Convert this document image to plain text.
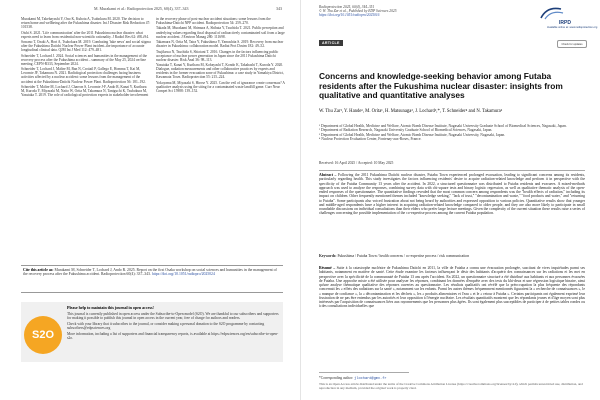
M. Murakami et al.: Radioprotection 2025, 60(4), 337–343	343

Murakami M, Takebayashi Y, Ono K, Kubota A, Tsubokura M. 2020. The decision to return home and wellbeing after the Fukushima disaster. Int J Disaster Risk Reduction 47: 101538.

Oishi S. 2021. 'Life communication' after the 2011 Fukushima nuclear disaster: what experts need to learn from residential non-scientific rationality. J Radiol Res 62: i88–i94.

Sawano T, Ozaki A, Hori A, Tsubokura M. 2019. Combating 'fake news' and social stigma after the Fukushima Daiichi Nuclear Power Plant incident–the importance of accurate longitudinal clinical data. QJM Int J Med 112: 479–481.

Schneider T, Lochard J. 2024. Social sciences and humanities in the management of the recovery process after the Fukushima accident – summary of the May 25, 2024 on-line meeting. CEPN-R333, September 2024.

Schneider T, Lochard J, Maître M, Ban N, Croüail P, Gallego E, Homma T, Kai M, Lecomte JF, Takamura N. 2021. Radiological protection challenges facing business activities affected by a nuclear accident: some lessons from the management of the accident at the Fukushima-Daiichi Nuclear Power Plant. Radioprotection 56: 181–192.

Schneider T, Maître M, Lochard J, Charron S, Lecomte J-F, Ando R, Kanai Y, Kurihara M, Kuroda Y, Miyazaki M, Naito W, Orita M, Takamura N, Taniguchi K, Tsubokura M, Yasutaka T. 2019. The role of radiological protection experts in stakeholder involvement

in the recovery phase of post-nuclear accident situations: some lessons from the Fukushima-Daiichi NPP accident. Radioprotection 54: 259–270.

Takada M, Murakami M, Shimura A, Shibata Y, Tsuchida T. 2021. Public perception and underlying values regarding final disposal of radioactively contaminated soil from a large nuclear accident. J Environ Manag 280: 111698.

Takamura N, Orita M, Taira Y, Fukushima Y, Yamashita S. 2019. Recovery from nuclear disaster in Fukushima: collaboration model. Radiat Prot Dosim 182: 49–52.

Tsujikawa N, Tsuchida S, Shiotani T. 2016. Changes in the factors influencing public acceptance of nuclear power generation in Japan since the 2011 Fukushima Daiichi nuclear disaster. Risk Anal 36: 98–113.

Yasutaka T, Kanai Y, Kurihara M, Kobayashi T, Kondo K, Takahashi T, Kuroda Y. 2020. Dialogue, radiation measurements and other collaborative practices by experts and residents in the former evacuation zone of Fukushima: a case study in Yamakiya District, Kawamata Town. Radioprotection 55: 215–224.

Yokoyama M, Miyazaki S, Hirose Y. 2025. Can the veil of ignorance create consensus? A qualitative analysis using the siting for a contaminated waste landfill game. Curr Neur Compet Sci 15988: 139–152.

Cite this article as: Murakami M, Schneider T, Lochard J, Ando R. 2025. Report on the first Osaka workshop on social sciences and humanities in the management of the recovery process after the Fukushima accident. Radioprotection 60(4): 337–343. https://doi.org/10.1051/radiopro/2025024
S2O
Please help to maintain this journal in open access!

This journal is currently published in open access under the Subscribe-to-Open model (S2O). We are thankful to our subscribers and supporters for making it possible to publish this journal in open access in the current year, free of charge for authors and readers.

Check with your library that it subscribes to the journal, or consider making a personal donation to the S2O programme by contacting subscribers@edpsciences.org

More information, including a list of supporters and financial transparency reports, is available at https://edpsciences.org/en/subscribe-to-open-s2o.

Radioprotection 2025, 60(4), 344–351
© W. Thu Zar et al., Published by EDP Sciences 2025
https://doi.org/10.1051/radiopro/2025016
IRPD
Available online at: www.radioprotection.org
ARTICLE	Check for updates
Concerns and knowledge-seeking behavior among Futaba residents after the Fukushima nuclear disaster: insights from qualitative and quantitative analyses
W. Thu Zar¹, Y. Hande¹, M. Orita¹, H. Matsunaga², J. Lochard³,*, T. Schneider⁴ and N. Takamura²
¹ Department of Global Health, Medicine and Welfare, Atomic Bomb Disease Institute, Nagasaki University Graduate School of Biomedical Sciences, Nagasaki, Japan.
² Department of Radiation Research, Nagasaki University Graduate School of Biomedical Sciences, Nagasaki, Japan.
³ Department of Global Health, Medicine and Welfare, Atomic Bomb Disease Institute, Nagasaki University, Nagasaki, Japan.
⁴ Nuclear Protection Evaluation Center, Fontenay-aux-Roses, France.
Received: 16 April 2025 / Accepted: 10 May 2025
Abstract – Following the 2011 Fukushima Daiichi nuclear disaster, Futaba Town experienced prolonged evacuation, leading to significant concerns among its residents, particularly regarding health. This study investigates the factors influencing residents' desire to acquire radiation-related knowledge and perform it in perspective with the specificity of the Futaba Community 13 years after the accident. In 2022, a structured questionnaire was distributed to Futaba residents and evacuees. A mixed-methods approach was used to analyze the responses, combining survey data with chi-square tests and binary logistic regression, as well as qualitative thematic analysis of the open-ended responses of the questionnaire. The quantitative findings revealed that the most common concern among respondents was the "health effects of radiation," including its impact on children. Other frequently mentioned themes included "knowledge seeking," "lack of trust," "decontamination and waste," "food products and water," and "returning to Futaba". Some participants also voiced frustration about not being heard by authorities and expressed opposition to various policies. Quantitative results show that younger and middle-aged respondents have a higher interest in acquiring radiation-related knowledge compared to older people, and they are also more likely to participate in small roundtable discussions on individual consultations than their elders who prefer large lecture meetings. Given the complexity of the current situation these results raise a series of challenges concerning the possible implementation of the co-expertise process among the current Futaba population.
Keywords: Fukushima / Futaba Town / health concerns / co-expertise process / risk communication
Résumé – Suite à la catastrophe nucléaire de Fukushima Daiichi en 2011, la ville de Futaba a connu une évacuation prolongée, suscitant de vives inquiétudes parmi ses habitants, notamment en matière de santé. Cette étude examine les facteurs influençant le désir des habitants d'acquérir des connaissances sur les radiations et les met en perspective avec la spécificité de la communauté de Futaba 13 ans après l'accident. En 2022, un questionnaire structuré a été distribué aux habitants et aux personnes évacuées de Futaba. Une approche mixte a été utilisée pour analyser les réponses, combinant les données d'enquête avec des tests du khi-deux et une régression logistique binaire, ainsi qu'une analyse thématique qualitative des réponses ouvertes au questionnaire. Les résultats qualitatifs ont révélé que la préoccupation la plus fréquente des répondants concernait les « effets des radiations sur la santé », notamment sur les enfants. Parmi les autres thèmes fréquemment mentionnés figuraient la « recherche de connaissances », le « manque de confiance », la « décontamination et les déchets », les « produits alimentaires et l'eau » et le « retour à Futaba ». Certains participants ont également exprimé leur frustration de ne pas être entendus par les autorités et leur opposition à l'énergie nucléaire. Les résultats quantitatifs montrent que les répondants jeunes et d'âge moyen sont plus intéressés par l'acquisition de connaissances liées aux rayonnements que les personnes plus âgées. Ils sont également plus susceptibles de participer à de petites tables rondes ou à des consultations individuelles que
*Corresponding author: jlochard@gmx.fr
This is an Open Access article distributed under the terms of the Creative Commons Attribution License (https://creativecommons.org/licenses/by/4.0), which permits unrestricted use, distribution, and reproduction in any medium, provided the original work is properly cited.
